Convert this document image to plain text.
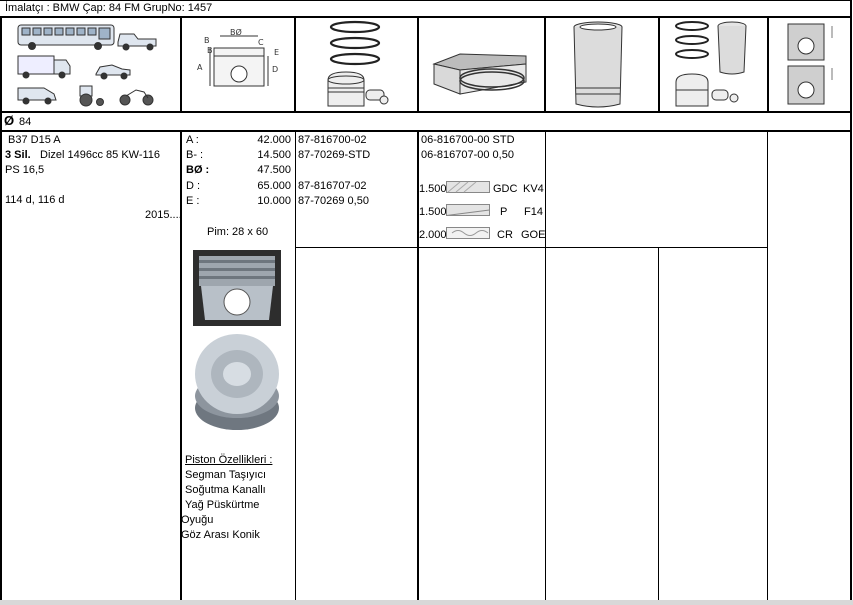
İmalatçı : BMW Çap: 84 FM GrupNo: 1457
Ø 84
B
BØ
C
E
A	D
B
B37 D15 A
3 Sil. Dizel 1496cc 85 KW-116
PS 16,5
114 d, 116 d
2015....
A :	42.000
B- :	14.500
BØ :	47.500
D :	65.000
E :	10.000
Pim: 28 x 60
Piston Özellikleri :
Segman Taşıyıcı
Soğutma Kanallı
Yağ Püskürtme
Oyuğu
Göz Arası Konik
87-816700-02
87-70269-STD
87-816707-02
87-70269 0,50
06-816700-00 STD
06-816707-00 0,50
1.500	GDC KV4
1.500	P F14
2.000	CR GOE
